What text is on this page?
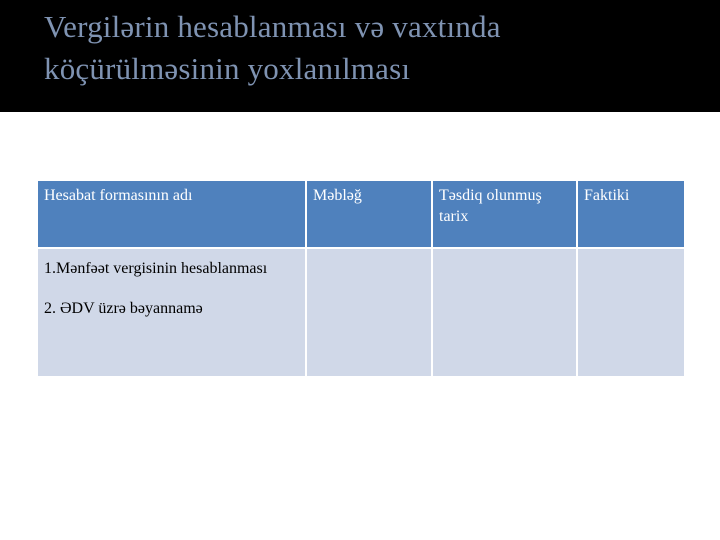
Vergilərin hesablanması və vaxtında köçürülməsinin yoxlanılması
Hesabat formasının adı	Məbləğ	Təsdiq olunmuş tarix	Faktiki

1.Mənfəət vergisinin hesablanması
2. ƏDV üzrə bəyannamə			
